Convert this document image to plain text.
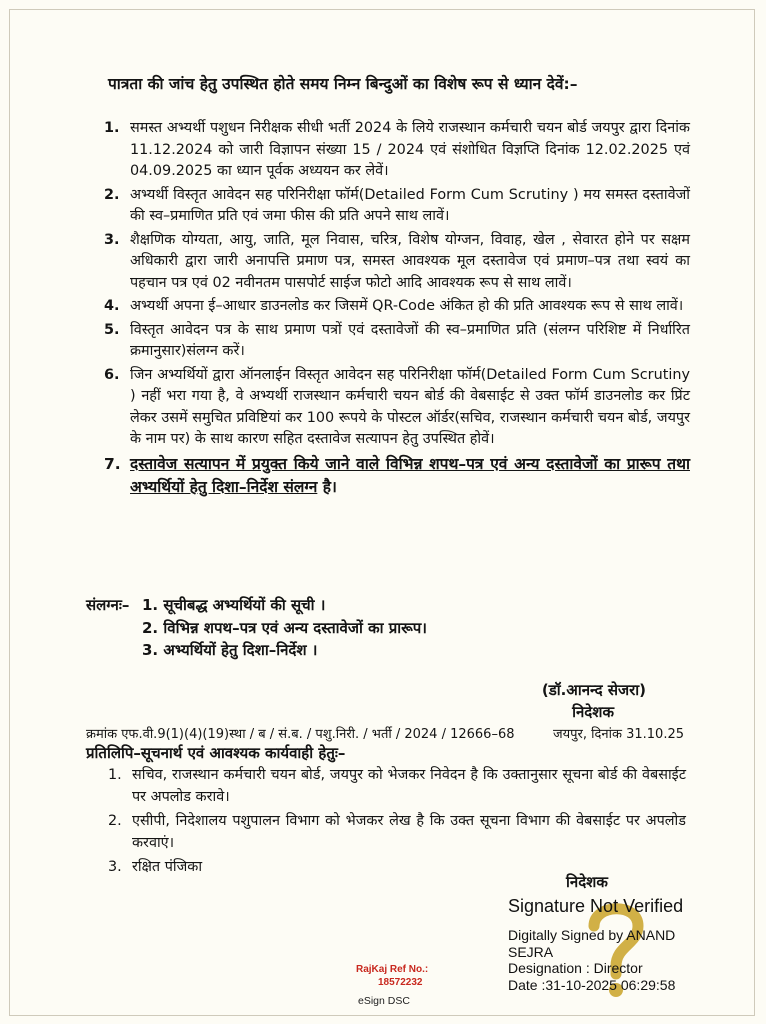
पात्रता की जांच हेतु उपस्थित होते समय निम्न बिन्दुओं का विशेष रूप से ध्यान देवें:–
1. समस्त अभ्यर्थी पशुधन निरीक्षक सीधी भर्ती 2024 के लिये राजस्थान कर्मचारी चयन बोर्ड जयपुर द्वारा दिनांक 11.12.2024 को जारी विज्ञापन संख्या 15 / 2024 एवं संशोधित विज्ञप्ति दिनांक 12.02.2025 एवं 04.09.2025 का ध्यान पूर्वक अध्ययन कर लेवें।
2. अभ्यर्थी विस्तृत आवेदन सह परिनिरीक्षा फॉर्म(Detailed Form Cum Scrutiny ) मय समस्त दस्तावेजों की स्व–प्रमाणित प्रति एवं जमा फीस की प्रति अपने साथ लावें।
3. शैक्षणिक योग्यता, आयु, जाति, मूल निवास, चरित्र, विशेष योग्जन, विवाह, खेल , सेवारत होने पर सक्षम अधिकारी द्वारा जारी अनापत्ति प्रमाण पत्र, समस्त आवश्यक मूल दस्तावेज एवं प्रमाण–पत्र तथा स्वयं का पहचान पत्र एवं 02 नवीनतम पासपोर्ट साईज फोटो आदि आवश्यक रूप से साथ लावें।
4. अभ्यर्थी अपना ई–आधार डाउनलोड कर जिसमें QR-Code अंकित हो की प्रति आवश्यक रूप से साथ लावें।
5. विस्तृत आवेदन पत्र के साथ प्रमाण पत्रों एवं दस्तावेजों की स्व–प्रमाणित प्रति (संलग्न परिशिष्ट में निर्धारित क्रमानुसार)संलग्न करें।
6. जिन अभ्यर्थियों द्वारा ऑनलाईन विस्तृत आवेदन सह परिनिरीक्षा फॉर्म(Detailed Form Cum Scrutiny ) नहीं भरा गया है, वे अभ्यर्थी राजस्थान कर्मचारी चयन बोर्ड की वेबसाईट से उक्त फॉर्म डाउनलोड कर प्रिंट लेकर उसमें समुचित प्रविष्टियां कर 100 रूपये के पोस्टल ऑर्डर(सचिव, राजस्थान कर्मचारी चयन बोर्ड, जयपुर के नाम पर) के साथ कारण सहित दस्तावेज सत्यापन हेतु उपस्थित होवें।
7. दस्तावेज सत्यापन में प्रयुक्त किये जाने वाले विभिन्न शपथ–पत्र एवं अन्य दस्तावेजों का प्रारूप तथा अभ्यर्थियों हेतु दिशा–निर्देश संलग्न है।
संलग्नः– 1. सूचीबद्ध अभ्यर्थियों की सूची ।
2. विभिन्न शपथ–पत्र एवं अन्य दस्तावेजों का प्रारूप।
3. अभ्यर्थियों हेतु दिशा–निर्देश ।
(डॉ.आनन्द सेजरा)
निदेशक
क्रमांक एफ.वी.9(1)(4)(19)स्था / ब / सं.ब. / पशु.निरी. / भर्ती / 2024 / 12666–68	जयपुर, दिनांक 31.10.25
प्रतिलिपि–सूचनार्थ एवं आवश्यक कार्यवाही हेतुः–
1. सचिव, राजस्थान कर्मचारी चयन बोर्ड, जयपुर को भेजकर निवेदन है कि उक्तानुसार सूचना बोर्ड की वेबसाईट पर अपलोड करावे।
2. एसीपी, निदेशालय पशुपालन विभाग को भेजकर लेख है कि उक्त सूचना विभाग की वेबसाईट पर अपलोड करवाएं।
3. रक्षित पंजिका
निदेशक
Signature Not Verified
Digitally Signed by ANAND
SEJRA
Designation : Director
Date :31-10-2025 06:29:58
RajKaj Ref No.:
18572232
eSign DSC
